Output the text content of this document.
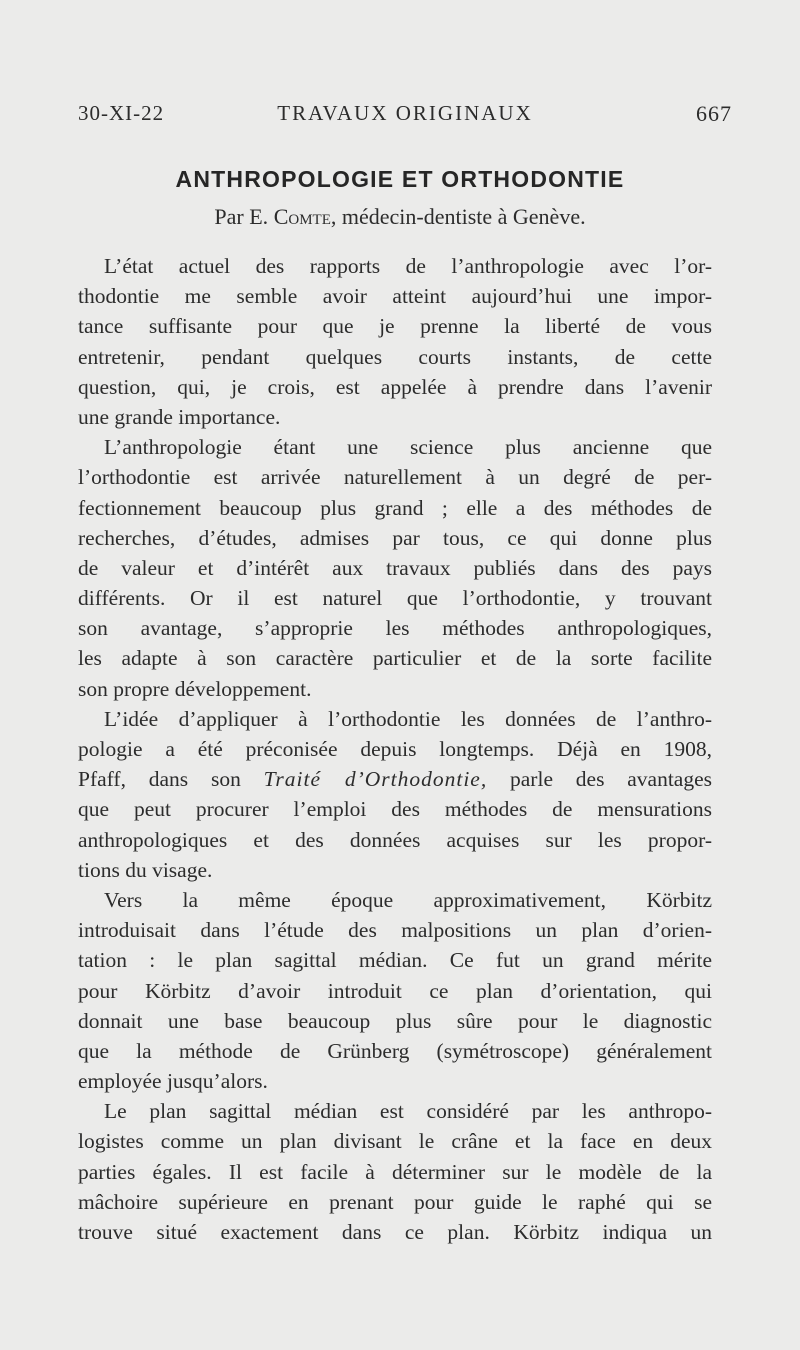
30-XI-22	TRAVAUX ORIGINAUX	667
ANTHROPOLOGIE ET ORTHODONTIE
Par E. Comte, médecin-dentiste à Genève.
L’état actuel des rapports de l’anthropologie avec l’or-
thodontie me semble avoir atteint aujourd’hui une impor-
tance suffisante pour que je prenne la liberté de vous
entretenir, pendant quelques courts instants, de cette
question, qui, je crois, est appelée à prendre dans l’avenir
une grande importance.
L’anthropologie étant une science plus ancienne que
l’orthodontie est arrivée naturellement à un degré de per-
fectionnement beaucoup plus grand ; elle a des méthodes de
recherches, d’études, admises par tous, ce qui donne plus
de valeur et d’intérêt aux travaux publiés dans des pays
différents. Or il est naturel que l’orthodontie, y trouvant
son avantage, s’approprie les méthodes anthropologiques,
les adapte à son caractère particulier et de la sorte facilite
son propre développement.
L’idée d’appliquer à l’orthodontie les données de l’anthro-
pologie a été préconisée depuis longtemps. Déjà en 1908,
Pfaff, dans son Traité d’Orthodontie, parle des avantages
que peut procurer l’emploi des méthodes de mensurations
anthropologiques et des données acquises sur les propor-
tions du visage.
Vers la même époque approximativement, Körbitz
introduisait dans l’étude des malpositions un plan d’orien-
tation : le plan sagittal médian. Ce fut un grand mérite
pour Körbitz d’avoir introduit ce plan d’orientation, qui
donnait une base beaucoup plus sûre pour le diagnostic
que la méthode de Grünberg (symétroscope) généralement
employée jusqu’alors.
Le plan sagittal médian est considéré par les anthropo-
logistes comme un plan divisant le crâne et la face en deux
parties égales. Il est facile à déterminer sur le modèle de la
mâchoire supérieure en prenant pour guide le raphé qui se
trouve situé exactement dans ce plan. Körbitz indiqua un
